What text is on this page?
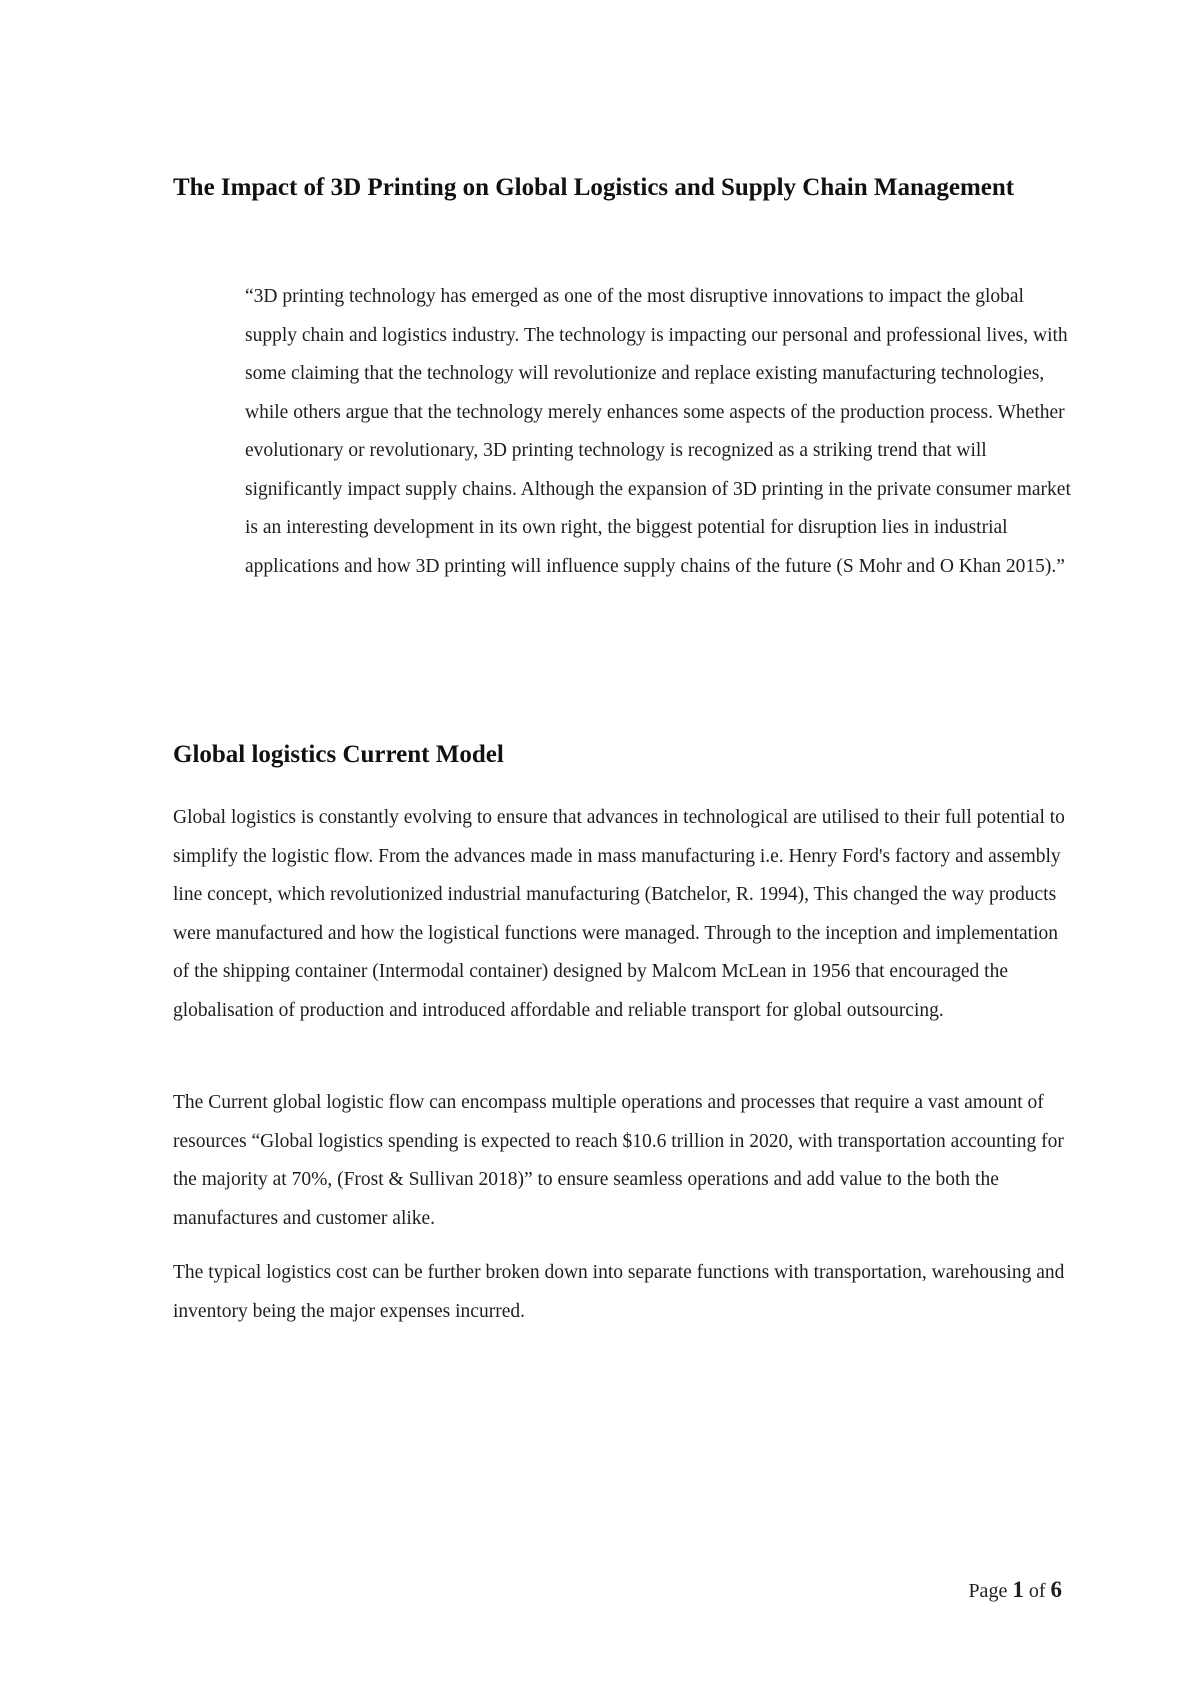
The Impact of 3D Printing on Global Logistics and Supply Chain Management

“3D printing technology has emerged as one of the most disruptive innovations to impact the global supply chain and logistics industry. The technology is impacting our personal and professional lives, with some claiming that the technology will revolutionize and replace existing manufacturing technologies, while others argue that the technology merely enhances some aspects of the production process. Whether evolutionary or revolutionary, 3D printing technology is recognized as a striking trend that will significantly impact supply chains. Although the expansion of 3D printing in the private consumer market is an interesting development in its own right, the biggest potential for disruption lies in industrial applications and how 3D printing will influence supply chains of the future (S Mohr and O Khan 2015).”

Global logistics Current Model

Global logistics is constantly evolving to ensure that advances in technological are utilised to their full potential to simplify the logistic flow. From the advances made in mass manufacturing i.e. Henry Ford's factory and assembly line concept, which revolutionized industrial manufacturing (Batchelor, R. 1994), This changed the way products were manufactured and how the logistical functions were managed. Through to the inception and implementation of the shipping container (Intermodal container) designed by Malcom McLean in 1956 that encouraged the globalisation of production and introduced affordable and reliable transport for global outsourcing.

The Current global logistic flow can encompass multiple operations and processes that require a vast amount of resources “Global logistics spending is expected to reach $10.6 trillion in 2020, with transportation accounting for the majority at 70%, (Frost & Sullivan 2018)” to ensure seamless operations and add value to the both the manufactures and customer alike.

The typical logistics cost can be further broken down into separate functions with transportation, warehousing and inventory being the major expenses incurred.

Page 1 of 6
